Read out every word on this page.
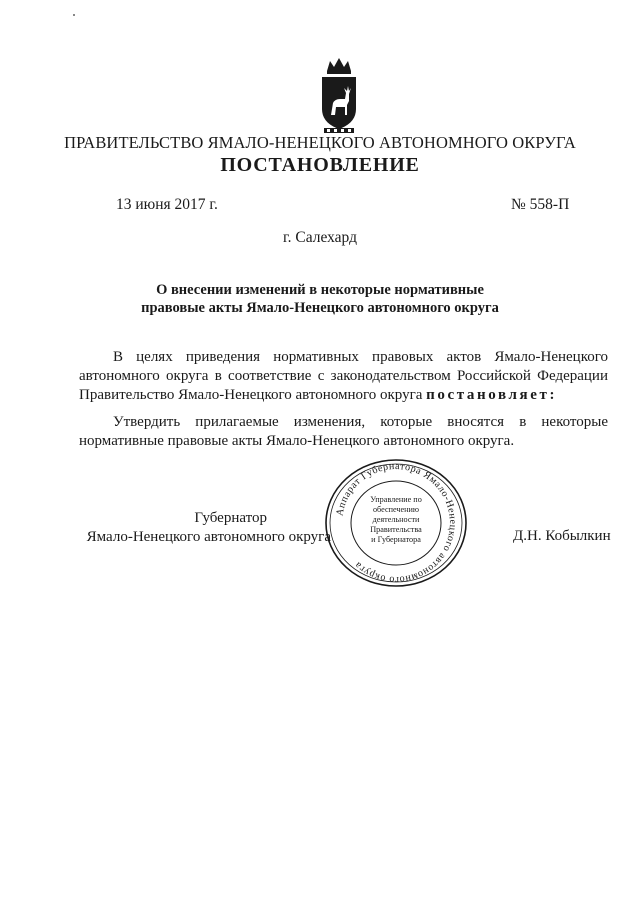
ПРАВИТЕЛЬСТВО ЯМАЛО-НЕНЕЦКОГО АВТОНОМНОГО ОКРУГА
ПОСТАНОВЛЕНИЕ
13 июня 2017 г.	№ 558-П
г. Салехард
О внесении изменений в некоторые нормативные
правовые акты Ямало-Ненецкого автономного округа
В целях приведения нормативных правовых актов Ямало-Ненецкого автономного округа в соответствие с законодательством Российской Федерации Правительство Ямало-Ненецкого автономного округа постановляет:
Утвердить прилагаемые изменения, которые вносятся в некоторые нормативные правовые акты Ямало-Ненецкого автономного округа.
Губернатор
Ямало-Ненецкого автономного округа	Д.Н. Кобылкин
Аппарат Губернатора Ямало-Ненецкого автономного округа
Управление по
обеспечению
деятельности
Правительства
и Губернатора
